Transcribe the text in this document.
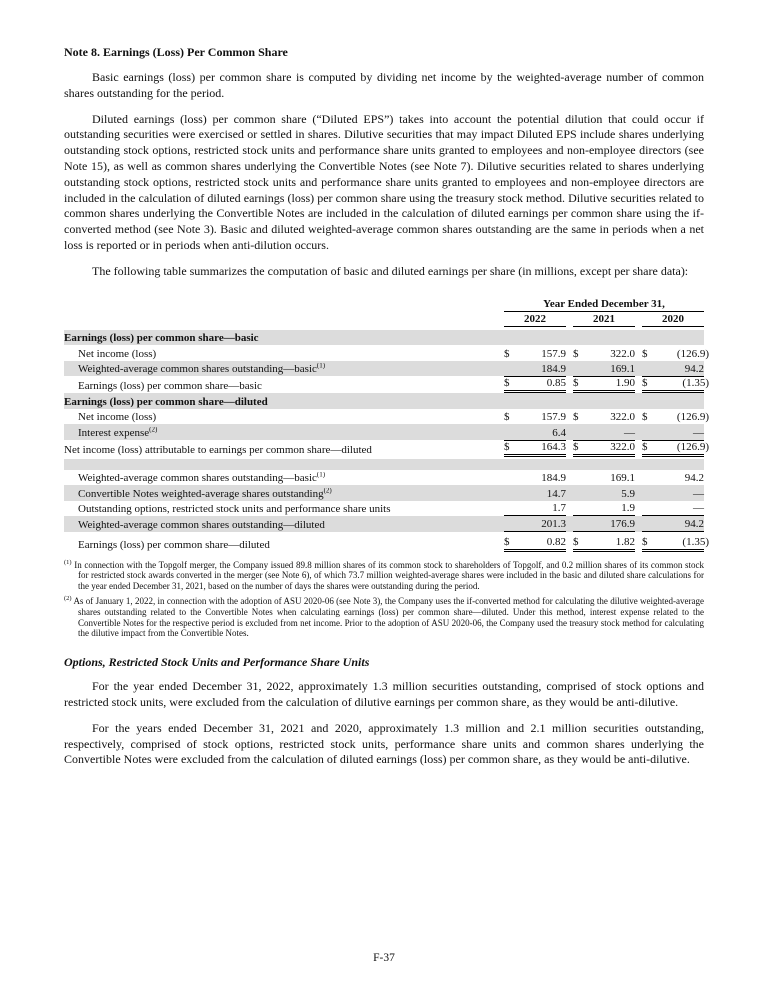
Note 8. Earnings (Loss) Per Common Share

Basic earnings (loss) per common share is computed by dividing net income by the weighted-average number of common shares outstanding for the period.

Diluted earnings (loss) per common share (“Diluted EPS”) takes into account the potential dilution that could occur if outstanding securities were exercised or settled in shares. Dilutive securities that may impact Diluted EPS include shares underlying outstanding stock options, restricted stock units and performance share units granted to employees and non-employee directors (see Note 15), as well as common shares underlying the Convertible Notes (see Note 7). Dilutive securities related to shares underlying outstanding stock options, restricted stock units and performance share units granted to employees and non-employee directors are included in the calculation of diluted earnings (loss) per common share using the treasury stock method. Dilutive securities related to common shares underlying the Convertible Notes are included in the calculation of diluted earnings per common share using the if-converted method (see Note 3). Basic and diluted weighted-average common shares outstanding are the same in periods when a net loss is reported or in periods when anti-dilution occurs.

The following table summarizes the computation of basic and diluted earnings per share (in millions, except per share data):

Year Ended December 31,
2022	2021	2020
Earnings (loss) per common share—basic
Net income (loss)	$	157.9 $	322.0 $	(126.9)
Weighted-average common shares outstanding—basic$^{(1)}$	184.9	169.1	94.2
Earnings (loss) per common share—basic	$	0.85 $	1.90 $	(1.35)
Earnings (loss) per common share—diluted
Net income (loss)	$	157.9 $	322.0 $	(126.9)
Interest expense$^{(2)}$	6.4	—	—
Net income (loss) attributable to earnings per common share—diluted	$	164.3 $	322.0 $	(126.9)
Weighted-average common shares outstanding—basic$^{(1)}$	184.9	169.1	94.2
Convertible Notes weighted-average shares outstanding$^{(2)}$	14.7	5.9	—
Outstanding options, restricted stock units and performance share units	1.7	1.9	—
Weighted-average common shares outstanding—diluted	201.3	176.9	94.2
Earnings (loss) per common share—diluted	$	0.82 $	1.82 $	(1.35)
$^{(1)}$ In connection with the Topgolf merger, the Company issued 89.8 million shares of its common stock to shareholders of Topgolf, and 0.2 million shares of its common stock for restricted stock awards converted in the merger (see Note 6), of which 73.7 million weighted-average shares were included in the basic and diluted share calculations for the year ended December 31, 2021, based on the number of days the shares were outstanding during the period.
$^{(2)}$ As of January 1, 2022, in connection with the adoption of ASU 2020-06 (see Note 3), the Company uses the if-converted method for calculating the dilutive weighted-average shares outstanding related to the Convertible Notes when calculating earnings (loss) per common share—diluted. Under this method, interest expense related to the Convertible Notes for the respective period is excluded from net income. Prior to the adoption of ASU 2020-06, the Company used the treasury stock method for calculating the dilutive impact from the Convertible Notes.
Options, Restricted Stock Units and Performance Share Units

For the year ended December 31, 2022, approximately 1.3 million securities outstanding, comprised of stock options and restricted stock units, were excluded from the calculation of dilutive earnings per common share, as they would be anti-dilutive.

For the years ended December 31, 2021 and 2020, approximately 1.3 million and 2.1 million securities outstanding, respectively, comprised of stock options, restricted stock units, performance share units and common shares underlying the Convertible Notes were excluded from the calculation of diluted earnings (loss) per common share, as they would be anti-dilutive.

F-37
